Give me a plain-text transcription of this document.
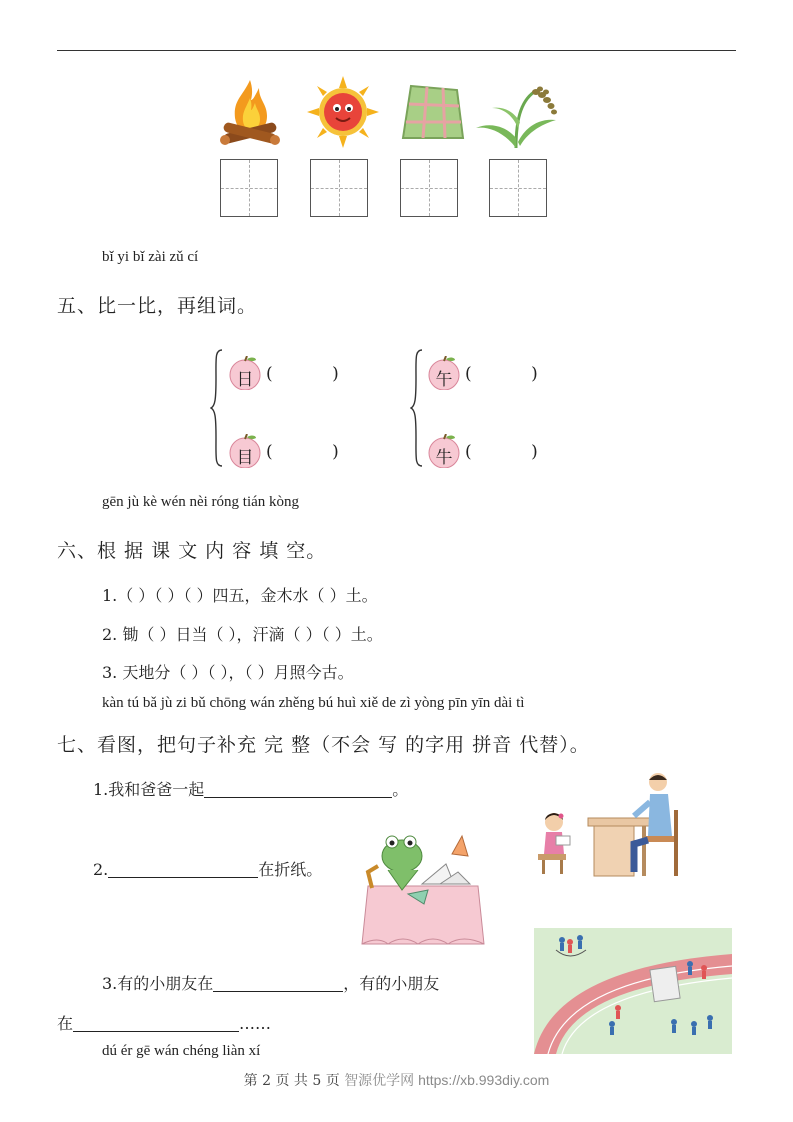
bǐ yi bǐ zài zǔ cí
五、比一比，再组词。
日 (           )
目 (           )
午 (           )
牛 (           )
gēn jù kè wén nèi róng tián kòng
六、根 据 课 文 内 容 填 空。
1.（ ）（ ）（ ）四五，金木水（ ）土。
2. 锄（ ）日当（ ），汗滴（ ）（ ）土。
3. 天地分（ ）（ ），（ ）月照今古。
kàn tú bǎ jù zi bǔ chōng wán zhěng bú huì xiě de zì yòng pīn yīn dài tì
七、看图，把句子补充 完 整（不会 写 的字用 拼音 代替）。
1.我和爸爸一起	。
2.	在折纸。
3.有的小朋友在	，有的小朋友
在	……
dú ér gē wán chéng liàn xí
第 2 页 共 5 页 智源优学网 https://xb.993diy.com
